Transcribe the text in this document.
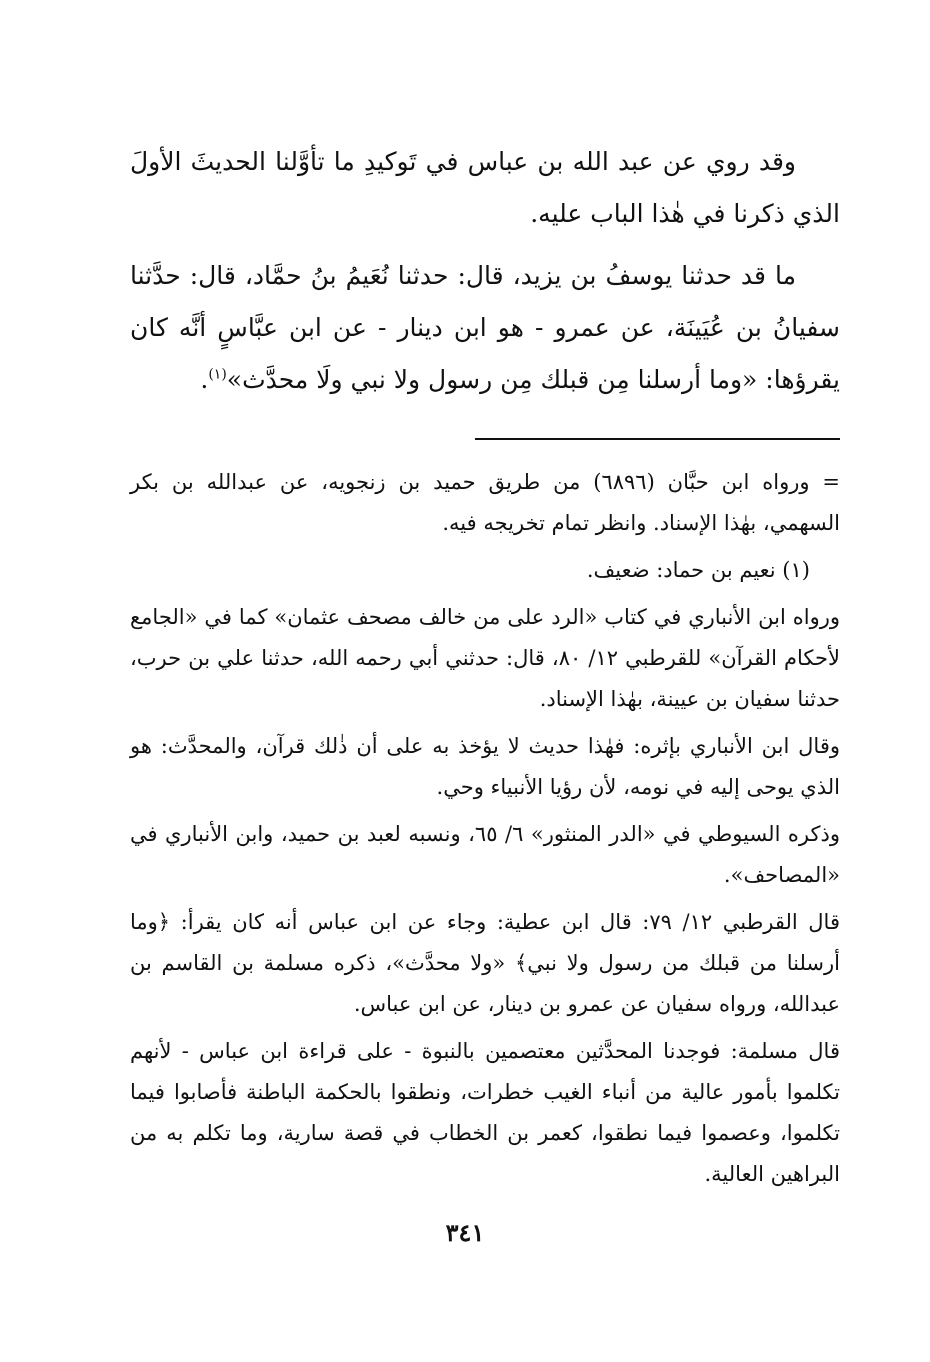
وقد روي عن عبد الله بن عباس في تَوكيدِ ما تأوَّلنا الحديثَ الأولَ الذي ذكرنا في هٰذا الباب عليه.

ما قد حدثنا يوسفُ بن يزيد، قال: حدثنا نُعَيمُ بنُ حمَّاد، قال: حدَّثنا سفيانُ بن عُيَينَة، عن عمرو - هو ابن دينار - عن ابن عبَّاسٍ أنَّه كان يقرؤها: «وما أرسلنا مِن قبلك مِن رسول ولا نبي ولَا محدَّث»$^{(١)}$.

= ورواه ابن حبَّان (٦٨٩٦) من طريق حميد بن زنجويه، عن عبدالله بن بكر السهمي، بهٰذا الإسناد. وانظر تمام تخريجه فيه.

(١) نعيم بن حماد: ضعيف.

ورواه ابن الأنباري في كتاب «الرد على من خالف مصحف عثمان» كما في «الجامع لأحكام القرآن» للقرطبي ١٢/ ٨٠، قال: حدثني أبي رحمه الله، حدثنا علي بن حرب، حدثنا سفيان بن عيينة، بهٰذا الإسناد.

وقال ابن الأنباري بإثره: فهٰذا حديث لا يؤخذ به على أن ذٰلك قرآن، والمحدَّث: هو الذي يوحى إليه في نومه، لأن رؤيا الأنبياء وحي.

وذكره السيوطي في «الدر المنثور» ٦/ ٦٥، ونسبه لعبد بن حميد، وابن الأنباري في «المصاحف».

قال القرطبي ١٢/ ٧٩: قال ابن عطية: وجاء عن ابن عباس أنه كان يقرأ: ﴿وما أرسلنا من قبلك من رسول ولا نبي﴾ «ولا محدَّث»، ذكره مسلمة بن القاسم بن عبدالله، ورواه سفيان عن عمرو بن دينار، عن ابن عباس.

قال مسلمة: فوجدنا المحدَّثين معتصمين بالنبوة - على قراءة ابن عباس - لأنهم تكلموا بأمور عالية من أنباء الغيب خطرات، ونطقوا بالحكمة الباطنة فأصابوا فيما تكلموا، وعصموا فيما نطقوا، كعمر بن الخطاب في قصة سارية، وما تكلم به من البراهين العالية.

٣٤١
